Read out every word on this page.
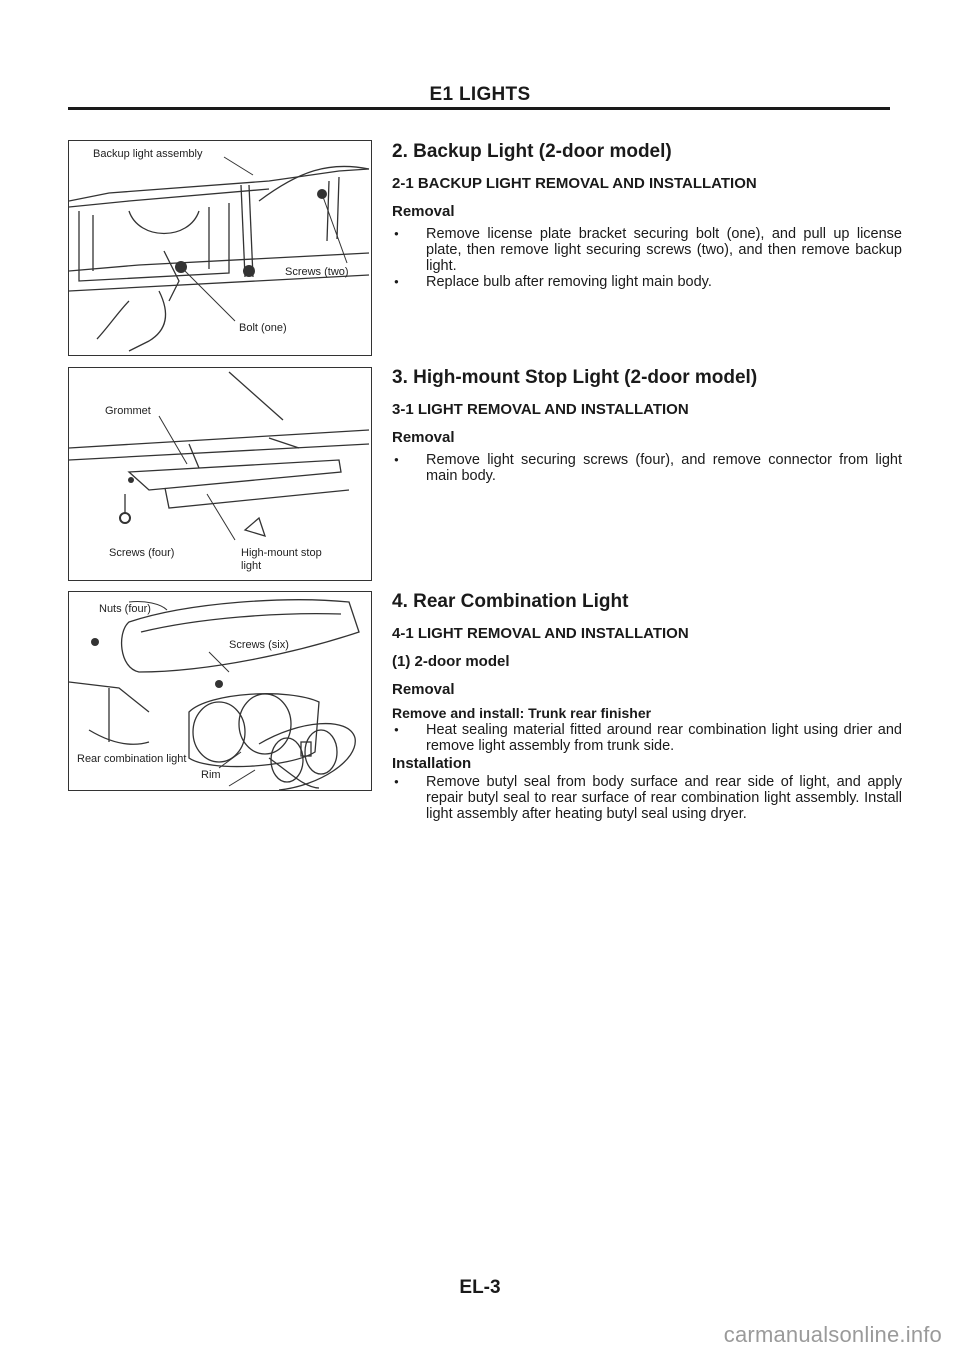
E1 LIGHTS
Backup light assembly
Screws (two)
Bolt (one)
Grommet
Screws (four)	High-mount stop
light
Nuts (four)
Screws (six)
Rear combination light
Rim
2. Backup Light (2-door model)
2-1 BACKUP LIGHT REMOVAL AND INSTALLATION
Removal
● Remove license plate bracket securing bolt (one), and pull up license plate, then remove light securing screws (two), and then remove backup light.
● Replace bulb after removing light main body.
3. High-mount Stop Light (2-door model)
3-1 LIGHT REMOVAL AND INSTALLATION
Removal
● Remove light securing screws (four), and remove connector from light main body.
4. Rear Combination Light
4-1 LIGHT REMOVAL AND INSTALLATION
(1) 2-door model
Removal
Remove and install: Trunk rear finisher
● Heat sealing material fitted around rear combination light using drier and remove light assembly from trunk side.
Installation
● Remove butyl seal from body surface and rear side of light, and apply repair butyl seal to rear surface of rear combination light assembly. Install light assembly after heating butyl seal using dryer.
EL-3
carmanualsonline.info
